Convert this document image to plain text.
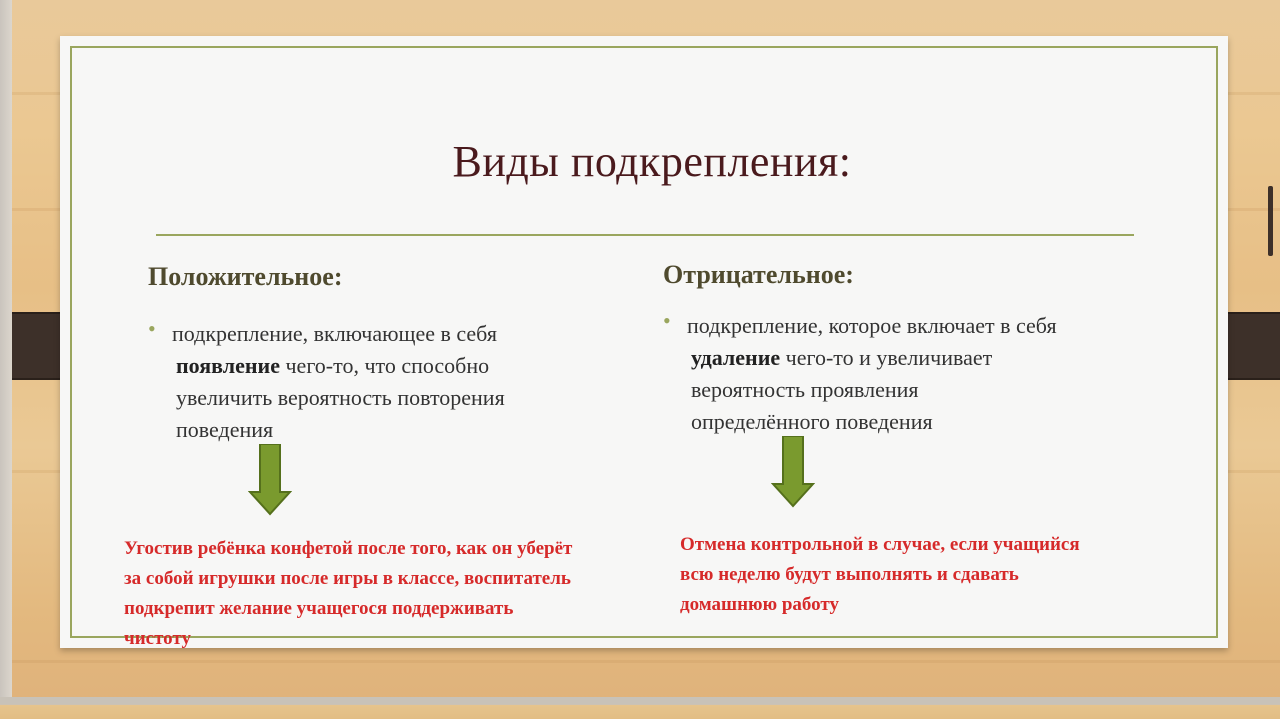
Виды подкрепления:
Положительное:	Отрицательное:
• подкрепление, включающее в себя
появление чего-то, что способно
увеличить вероятность повторения
поведения
• подкрепление, которое включает в себя
удаление чего-то и увеличивает
вероятность проявления
определённого поведения
Угостив ребёнка конфетой после того, как он уберёт
за собой игрушки после игры в классе, воспитатель
подкрепит желание учащегося поддерживать
чистоту
Отмена контрольной в случае, если учащийся
всю неделю будут выполнять и сдавать
домашнюю работу
